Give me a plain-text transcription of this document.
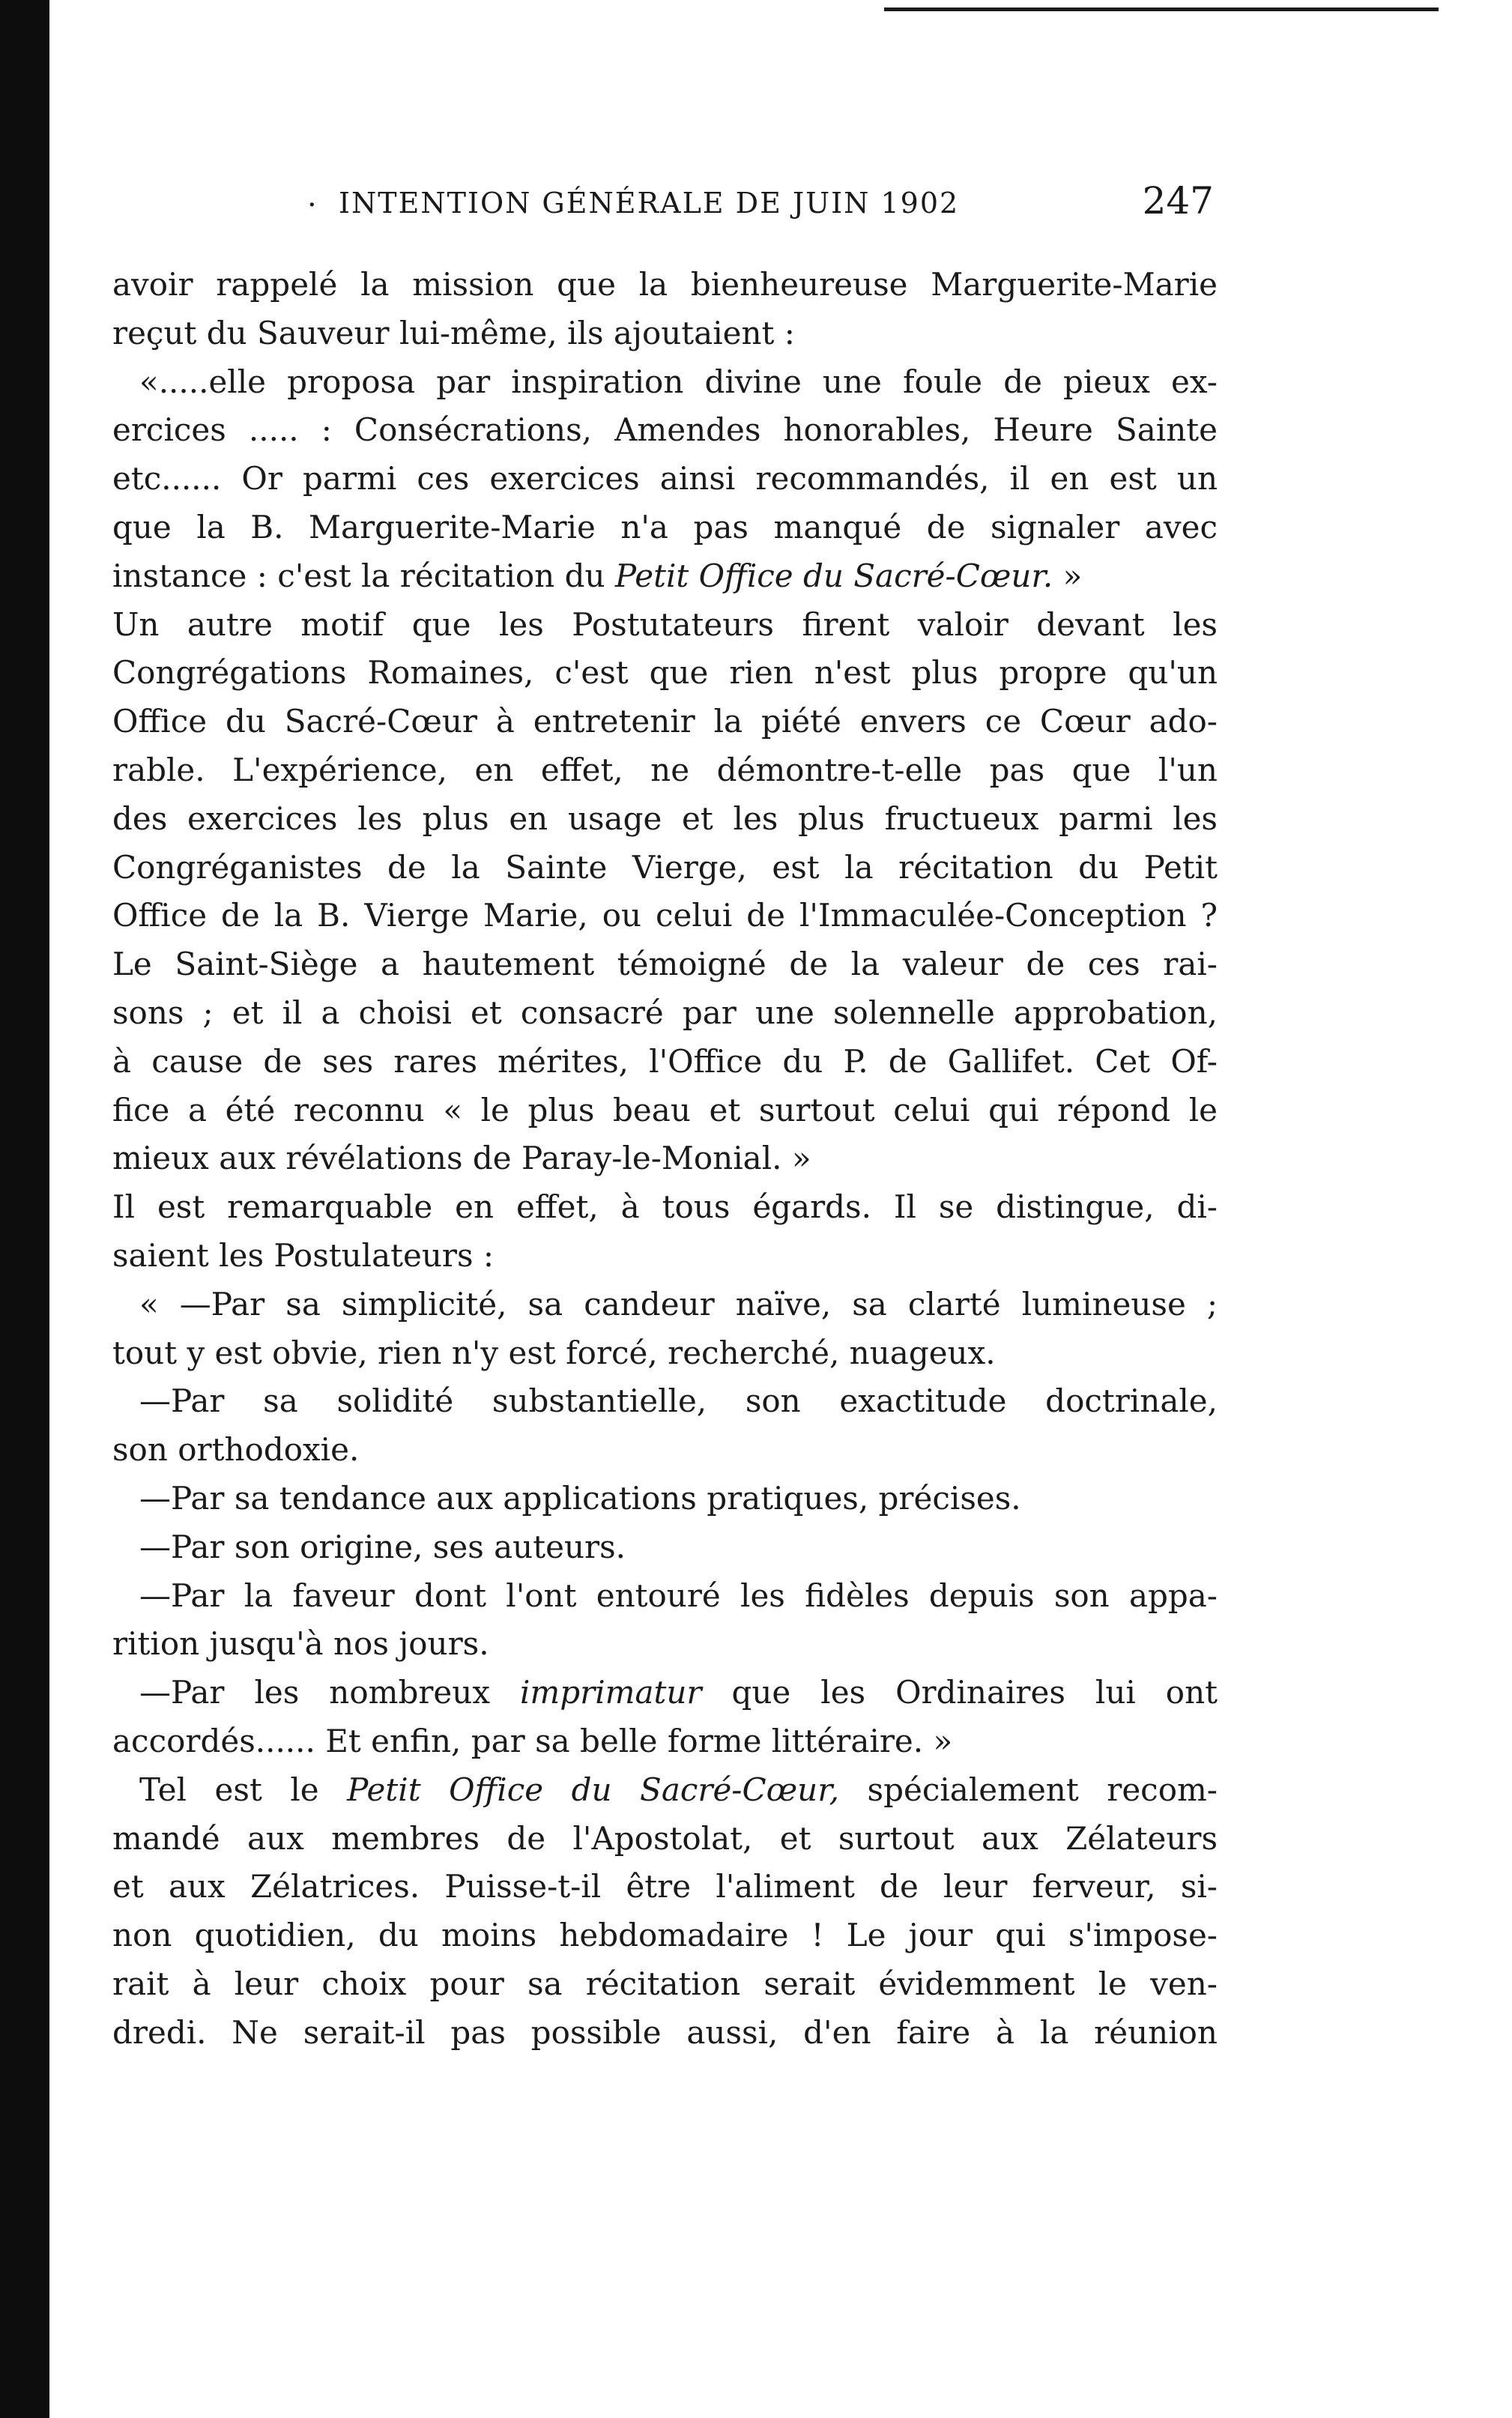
· INTENTION GÉNÉRALE DE JUIN 1902	247
avoir rappelé la mission que la bienheureuse Marguerite-Marie
reçut du Sauveur lui-même, ils ajoutaient :
«.....elle proposa par inspiration divine une foule de pieux ex-
ercices ..... : Consécrations, Amendes honorables, Heure Sainte
etc...... Or parmi ces exercices ainsi recommandés, il en est un
que la B. Marguerite-Marie n'a pas manqué de signaler avec
instance : c'est la récitation du Petit Office du Sacré-Cœur. »
Un autre motif que les Postutateurs firent valoir devant les
Congrégations Romaines, c'est que rien n'est plus propre qu'un
Office du Sacré-Cœur à entretenir la piété envers ce Cœur ado-
rable. L'expérience, en effet, ne démontre-t-elle pas que l'un
des exercices les plus en usage et les plus fructueux parmi les
Congréganistes de la Sainte Vierge, est la récitation du Petit
Office de la B. Vierge Marie, ou celui de l'Immaculée-Conception ?
Le Saint-Siège a hautement témoigné de la valeur de ces rai-
sons ; et il a choisi et consacré par une solennelle approbation,
à cause de ses rares mérites, l'Office du P. de Gallifet. Cet Of-
fice a été reconnu « le plus beau et surtout celui qui répond le
mieux aux révélations de Paray-le-Monial. »
Il est remarquable en effet, à tous égards. Il se distingue, di-
saient les Postulateurs :
« —Par sa simplicité, sa candeur naïve, sa clarté lumineuse ;
tout y est obvie, rien n'y est forcé, recherché, nuageux.
—Par sa solidité substantielle, son exactitude doctrinale,
son orthodoxie.
—Par sa tendance aux applications pratiques, précises.
—Par son origine, ses auteurs.
—Par la faveur dont l'ont entouré les fidèles depuis son appa-
rition jusqu'à nos jours.
—Par les nombreux imprimatur que les Ordinaires lui ont
accordés...... Et enfin, par sa belle forme littéraire. »
Tel est le Petit Office du Sacré-Cœur, spécialement recom-
mandé aux membres de l'Apostolat, et surtout aux Zélateurs
et aux Zélatrices. Puisse-t-il être l'aliment de leur ferveur, si-
non quotidien, du moins hebdomadaire ! Le jour qui s'impose-
rait à leur choix pour sa récitation serait évidemment le ven-
dredi. Ne serait-il pas possible aussi, d'en faire à la réunion
